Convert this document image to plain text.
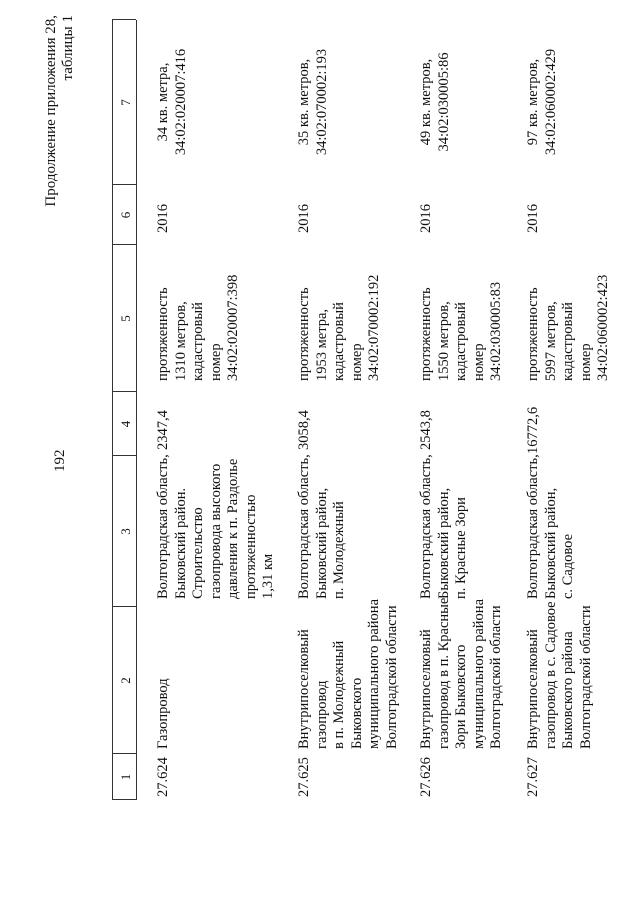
192
Продолжение приложения 28, таблицы 1
1
2
3
4
5
6
7
27.624
Газопровод
Волгоградская область,
Быковский район.
Строительство
газопровода высокого
давления к п. Раздолье
протяженностью
1,31 км
2347,4
протяженность
1310 метров,
кадастровый
номер
34:02:020007:398
2016
34 кв. метра,
34:02:020007:416
27.625
Внутрипоселковый
газопровод
в п. Молодежный
Быковского
муниципального района
Волгоградской области
Волгоградская область,
Быковский район,
п. Молодежный
3058,4
протяженность
1953 метра,
кадастровый
номер
34:02:070002:192
2016
35 кв. метров,
34:02:070002:193
27.626
Внутрипоселковый
газопровод в п. Красные
Зори Быковского
муниципального района
Волгоградской области
Волгоградская область,
Быковский район,
п. Красные Зори
2543,8
протяженность
1550 метров,
кадастровый
номер
34:02:030005:83
2016
49 кв. метров,
34:02:030005:86
27.627
Внутрипоселковый
газопровод в с. Садовое
Быковского района
Волгоградской области
Волгоградская область,
Быковский район,
с. Садовое
16772,6
протяженность
5997 метров,
кадастровый
номер
34:02:060002:423
2016
97 кв. метров,
34:02:060002:429
